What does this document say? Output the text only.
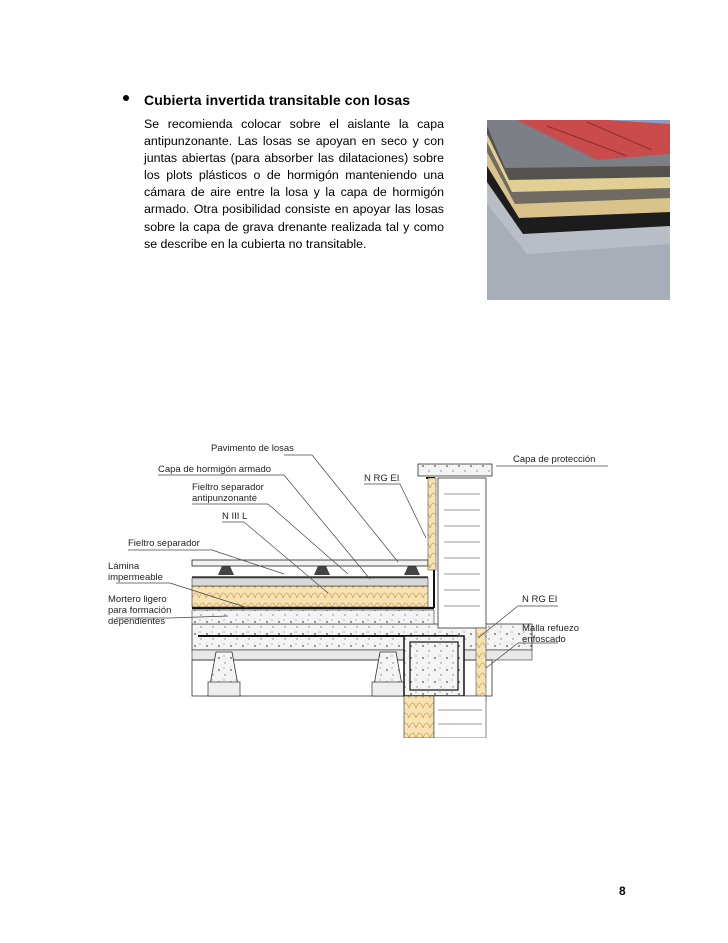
Cubierta invertida transitable con losas

Se recomienda colocar sobre el aislante la capa antipunzonante. Las losas se apoyan en seco y con juntas abiertas (para absorber las dilataciones) sobre los plots plásticos o de hormigón manteniendo una cámara de aire entre la losa y la capa de hormigón armado. Otra posibilidad consiste en apoyar las losas sobre la capa de grava drenante realizada tal y como se describe en la cubierta no transitable.

Pavimento de losas
Capa de hormigón armado
Fieltro separador
antipunzonante
N III L
Fieltro separador
Lámina
impermeable
Mortero ligero
para formación
dependientes
N RG EI
Capa de protección
N RG EI
Malla refuezo
enfoscado
8
